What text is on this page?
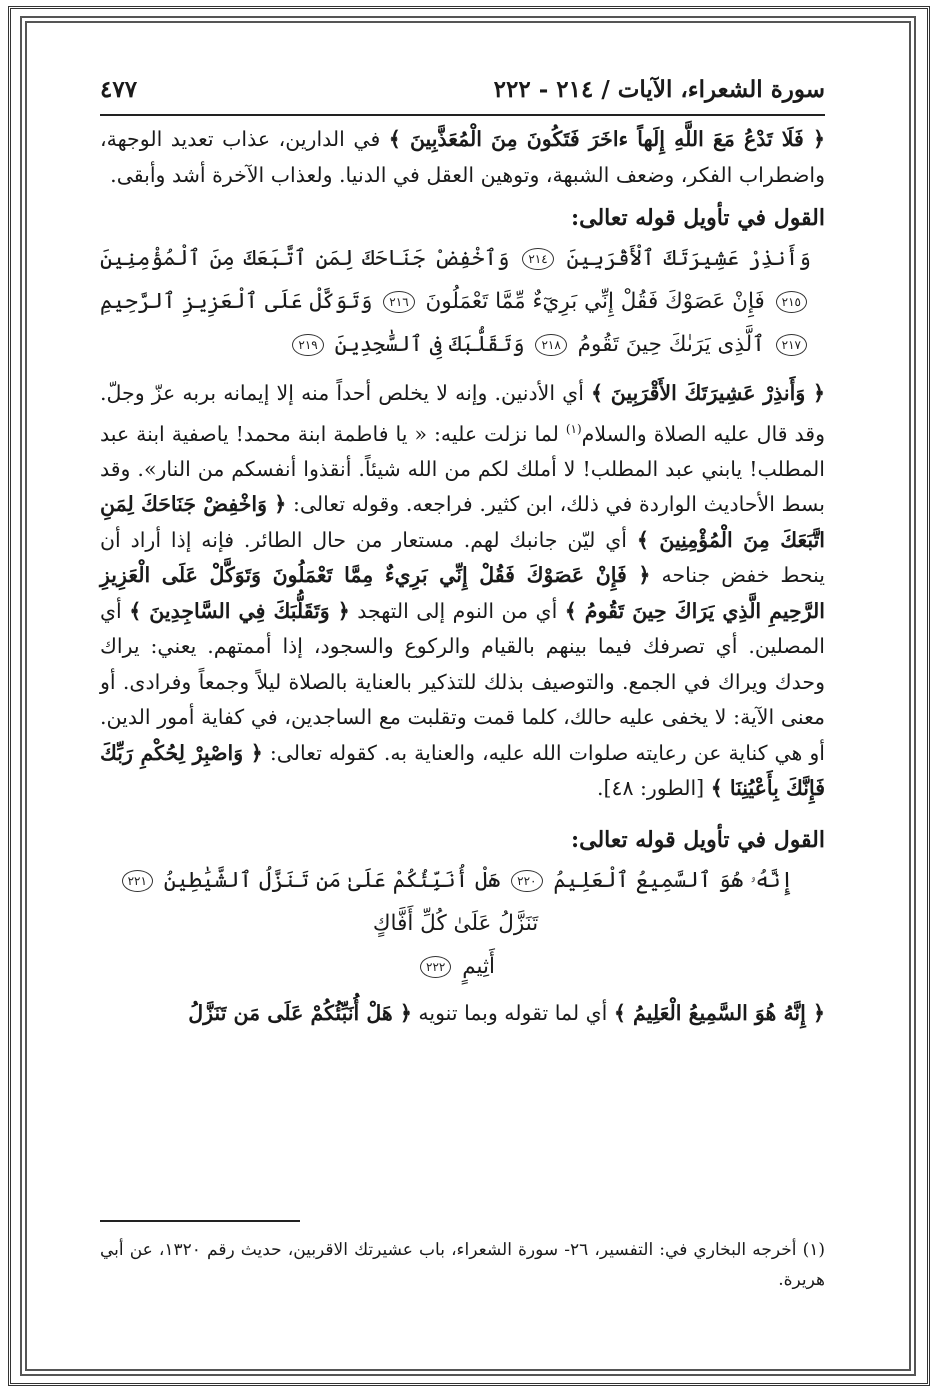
سورة الشعراء، الآيات / ٢١٤ - ٢٢٢
٤٧٧

﴿ فَلَا تَدْعُ مَعَ اللَّهِ إِلَهاً ءاخَرَ فَتَكُونَ مِنَ الْمُعَذَّبِينَ ﴾ في الدارين، عذاب تعديد الوجهة، واضطراب الفكر، وضعف الشبهة، وتوهين العقل في الدنيا. ولعذاب الآخرة أشد وأبقى.

القول في تأويل قوله تعالى:
وَأَنذِرْ عَشِيرَتَكَ ٱلْأَقْرَبِينَ ٢١٤ وَٱخْفِضْ جَنَاحَكَ لِمَنِ ٱتَّبَعَكَ مِنَ ٱلْمُؤْمِنِينَ ٢١٥ فَإِنْ عَصَوْكَ فَقُلْ إِنِّي بَرِيٓءٌ مِّمَّا تَعْمَلُونَ ٢١٦ وَتَوَكَّلْ عَلَى ٱلْعَزِيزِ ٱلرَّحِيمِ ٢١٧ ٱلَّذِى يَرَىٰكَ حِينَ تَقُومُ ٢١٨ وَتَقَلُّبَكَ فِى ٱلسَّٰجِدِينَ ٢١٩

﴿ وَأَنذِرْ عَشِيرَتَكَ الأَقْرَبِينَ ﴾ أي الأدنين. وإنه لا يخلص أحداً منه إلا إيمانه بربه عزّ وجلّ. وقد قال عليه الصلاة والسلام$^{(١)}$ لما نزلت عليه: « يا فاطمة ابنة محمد! ياصفية ابنة عبد المطلب! يابني عبد المطلب! لا أملك لكم من الله شيئاً. أنقذوا أنفسكم من النار». وقد بسط الأحاديث الواردة في ذلك، ابن كثير. فراجعه. وقوله تعالى: ﴿ وَاخْفِضْ جَنَاحَكَ لِمَنِ اتَّبَعَكَ مِنَ الْمُؤْمِنِينَ ﴾ أي ليّن جانبك لهم. مستعار من حال الطائر. فإنه إذا أراد أن ينحط خفض جناحه ﴿ فَإِنْ عَصَوْكَ فَقُلْ إِنِّي بَرِيءٌ مِمَّا تَعْمَلُونَ وَتَوَكَّلْ عَلَى الْعَزِيزِ الرَّحِيمِ الَّذِي يَرَاكَ حِينَ تَقُومُ ﴾ أي من النوم إلى التهجد ﴿ وَتَقَلُّبَكَ فِي السَّاجِدِينَ ﴾ أي المصلين. أي تصرفك فيما بينهم بالقيام والركوع والسجود، إذا أممتهم. يعني: يراك وحدك ويراك في الجمع. والتوصيف بذلك للتذكير بالعناية بالصلاة ليلاً وجمعاً وفرادى. أو معنى الآية: لا يخفى عليه حالك، كلما قمت وتقلبت مع الساجدين، في كفاية أمور الدين. أو هي كناية عن رعايته صلوات الله عليه، والعناية به. كقوله تعالى: ﴿ وَاصْبِرْ لِحُكْمِ رَبِّكَ فَإِنَّكَ بِأَعْيُنِنَا ﴾ [الطور: ٤٨].

القول في تأويل قوله تعالى:
إِنَّهُۥ هُوَ ٱلسَّمِيعُ ٱلْعَلِيمُ ٢٢٠ هَلْ أُنَبِّئُكُمْ عَلَىٰ مَن تَنَزَّلُ ٱلشَّيَٰطِينُ ٢٢١ تَنَزَّلُ عَلَىٰ كُلِّ أَفَّاكٍ
أَثِيمٍ ٢٢٢

﴿ إِنَّهُ هُوَ السَّمِيعُ الْعَلِيمُ ﴾ أي لما تقوله وبما تنويه ﴿ هَلْ أُنَبِّئُكُمْ عَلَى مَن تَنَزَّلُ

(١) أخرجه البخاري في: التفسير، ٢٦- سورة الشعراء، باب عشيرتك الاقربين، حديث رقم ١٣٢٠، عن أبي هريرة.
